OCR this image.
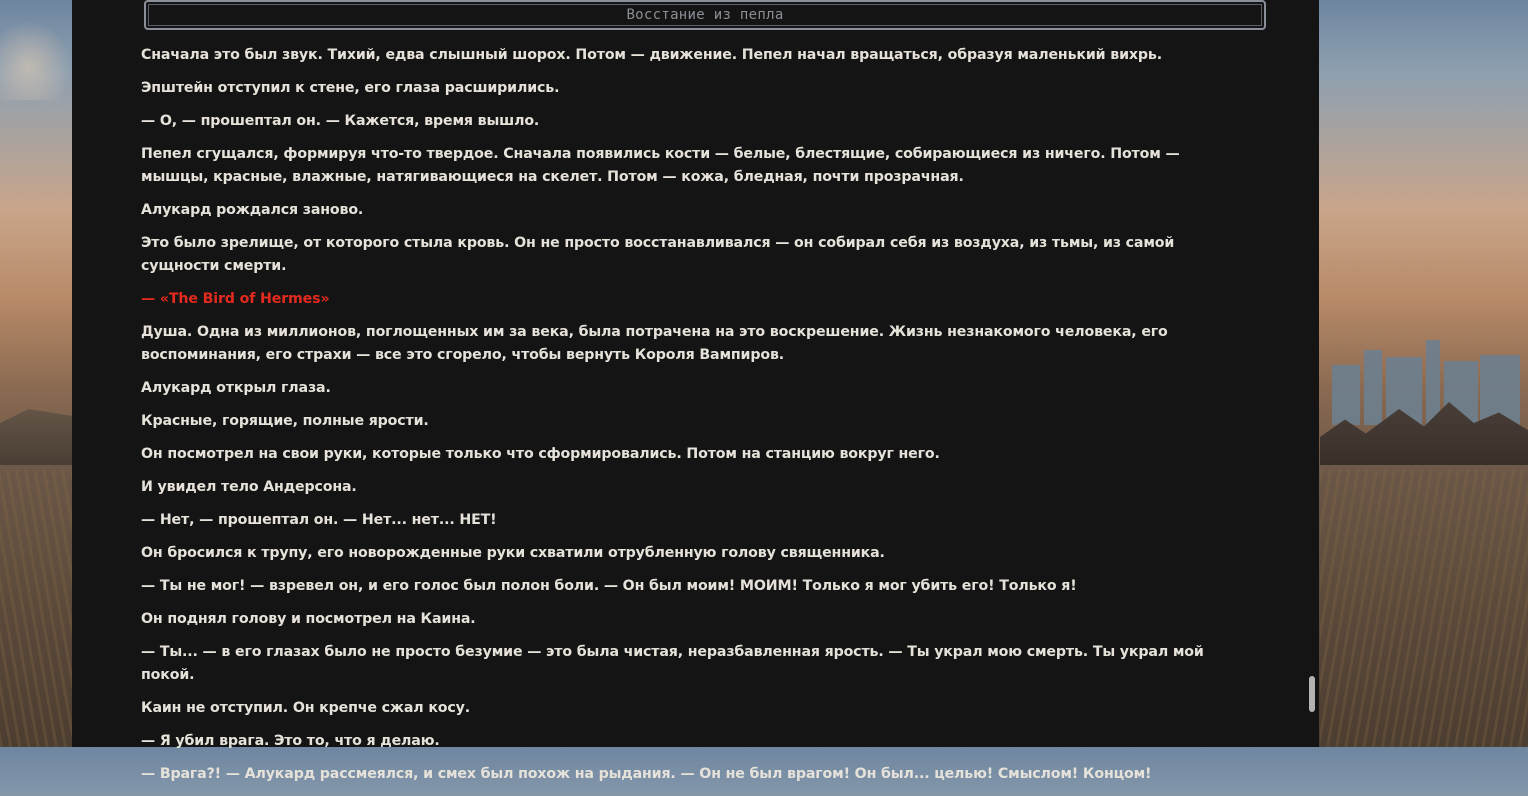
Восстание из пепла

Сначала это был звук. Тихий, едва слышный шорох. Потом — движение. Пепел начал вращаться, образуя маленький вихрь.

Эпштейн отступил к стене, его глаза расширились.

— О, — прошептал он. — Кажется, время вышло.

Пепел сгущался, формируя что-то твердое. Сначала появились кости — белые, блестящие, собирающиеся из ничего. Потом — мышцы, красные, влажные, натягивающиеся на скелет. Потом — кожа, бледная, почти прозрачная.

Алукард рождался заново.

Это было зрелище, от которого стыла кровь. Он не просто восстанавливался — он собирал себя из воздуха, из тьмы, из самой сущности смерти.

— «The Bird of Hermes»

Душа. Одна из миллионов, поглощенных им за века, была потрачена на это воскрешение. Жизнь незнакомого человека, его воспоминания, его страхи — все это сгорело, чтобы вернуть Короля Вампиров.

Алукард открыл глаза.

Красные, горящие, полные ярости.

Он посмотрел на свои руки, которые только что сформировались. Потом на станцию вокруг него.

И увидел тело Андерсона.

— Нет, — прошептал он. — Нет... нет... НЕТ!

Он бросился к трупу, его новорожденные руки схватили отрубленную голову священника.

— Ты не мог! — взревел он, и его голос был полон боли. — Он был моим! МОИМ! Только я мог убить его! Только я!

Он поднял голову и посмотрел на Каина.

— Ты... — в его глазах было не просто безумие — это была чистая, неразбавленная ярость. — Ты украл мою смерть. Ты украл мой покой.

Каин не отступил. Он крепче сжал косу.

— Я убил врага. Это то, что я делаю.

— Врага?! — Алукард рассмеялся, и смех был похож на рыдания. — Он не был врагом! Он был... целью! Смыслом! Концом!
